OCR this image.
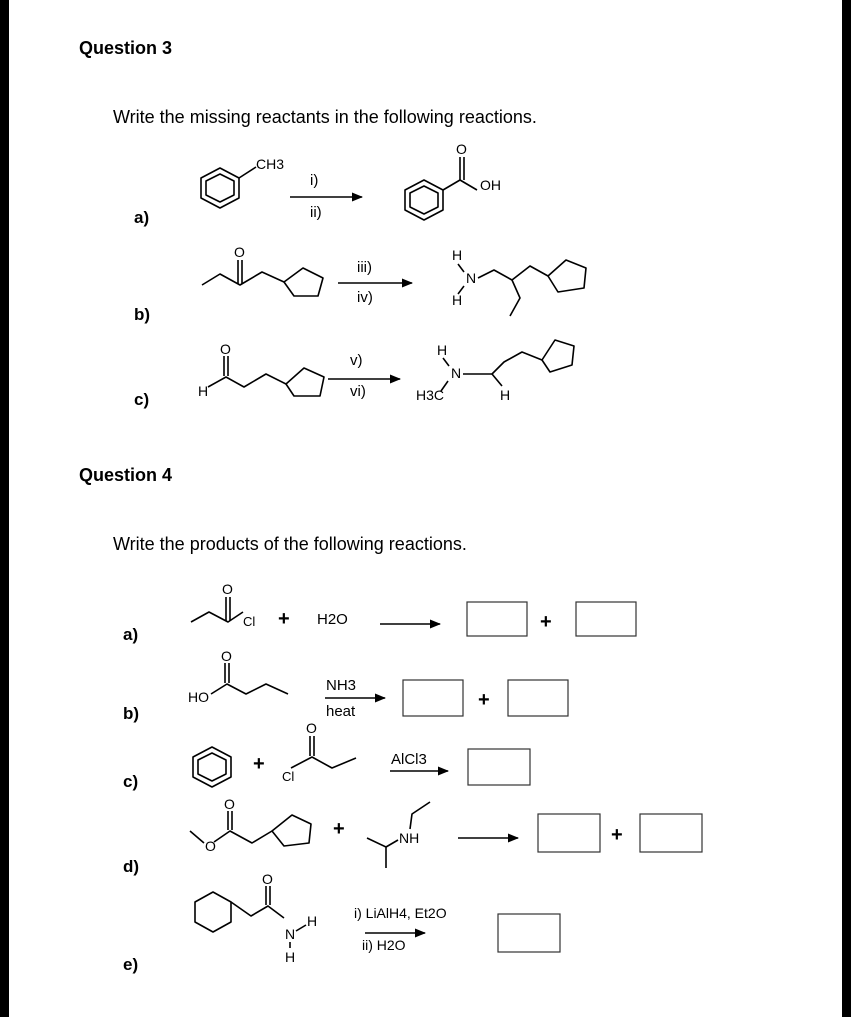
Question 3
Write the missing reactants in the following reactions.
a)
b)
c)
Question 4
Write the products of the following reactions.
a)
b)
c)
d)
e)
CH3
i)
ii)
O
OH
O
iii)
iv)
H
N
H
H
O
v)
vi)
H
N
H3C	H
O
Cl + H2O	+
HO
O
NH3
heat
+
+
O
Cl
AlCl3
O
O
+	NH	+
O
N
H
H
i) LiAlH4, Et2O
ii) H2O
